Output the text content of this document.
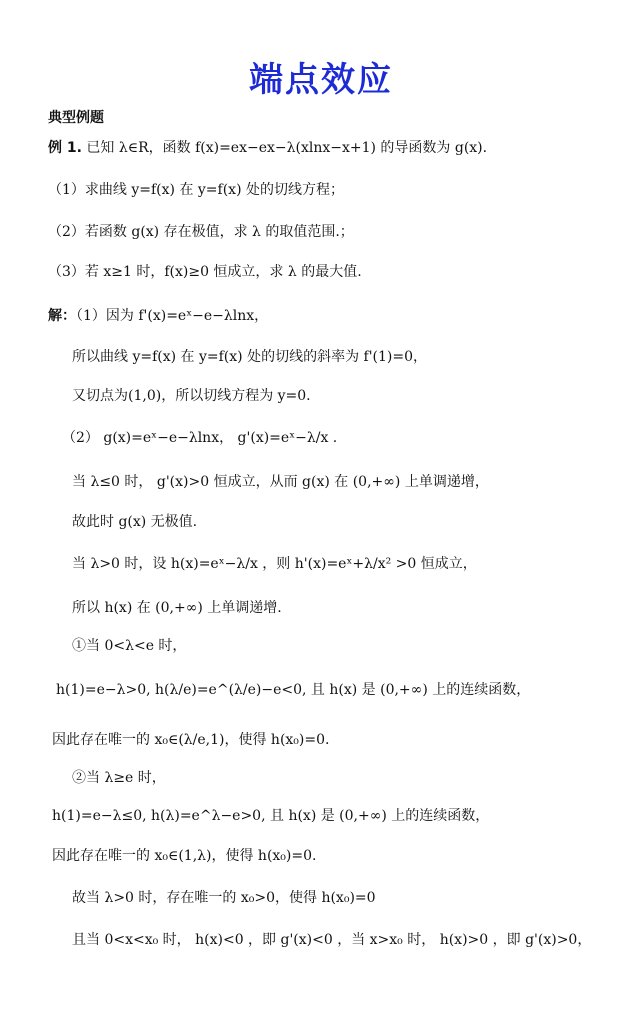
端点效应
典型例题
例 1. 已知 λ∈R，函数 f(x)=ex−ex−λ(xlnx−x+1) 的导函数为 g(x).
（1）求曲线 y=f(x) 在 y=f(x) 处的切线方程；
（2）若函数 g(x) 存在极值，求 λ 的取值范围.；
（3）若 x≥1 时，f(x)≥0 恒成立，求 λ 的最大值.
解：（1）因为 f'(x)=eˣ−e−λlnx，
所以曲线 y=f(x) 在 y=f(x) 处的切线的斜率为 f'(1)=0，
又切点为(1,0)，所以切线方程为 y=0.
（2） g(x)=eˣ−e−λlnx， g'(x)=eˣ−λ/x .
当 λ≤0 时， g'(x)>0 恒成立，从而 g(x) 在 (0,+∞) 上单调递增，
故此时 g(x) 无极值.
当 λ>0 时，设 h(x)=eˣ−λ/x ，则 h'(x)=eˣ+λ/x² >0 恒成立，
所以 h(x) 在 (0,+∞) 上单调递增.
①当 0<λ<e 时，
h(1)=e−λ>0, h(λ/e)=e^(λ/e)−e<0, 且 h(x) 是 (0,+∞) 上的连续函数，
因此存在唯一的 x₀∈(λ/e,1)，使得 h(x₀)=0.
②当 λ≥e 时，
h(1)=e−λ≤0, h(λ)=e^λ−e>0, 且 h(x) 是 (0,+∞) 上的连续函数，
因此存在唯一的 x₀∈(1,λ)，使得 h(x₀)=0.
故当 λ>0 时，存在唯一的 x₀>0，使得 h(x₀)=0
且当 0<x<x₀ 时， h(x)<0 ，即 g'(x)<0 ，当 x>x₀ 时， h(x)>0 ，即 g'(x)>0，
